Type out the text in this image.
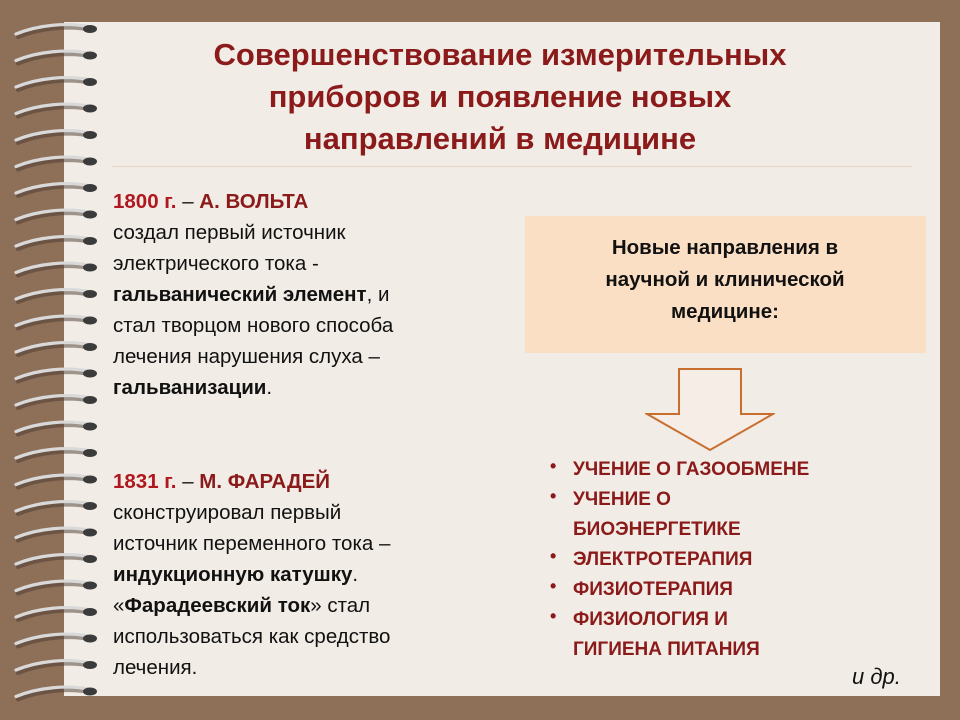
Совершенствование измерительных
приборов и появление новых
направлений в медицине
1800 г. – А. ВОЛЬТА
создал первый источник
электрического тока -
гальванический элемент, и
стал творцом нового способа
лечения нарушения слуха –
гальванизации.
1831 г. – М. ФАРАДЕЙ
сконструировал первый
источник переменного тока –
индукционную катушку.
«Фарадеевский ток» стал
использоваться как средство
лечения.
Новые направления в
научной и клинической
медицине:
• УЧЕНИЕ О ГАЗООБМЕНЕ
• УЧЕНИЕ О
БИОЭНЕРГЕТИКЕ
• ЭЛЕКТРОТЕРАПИЯ
• ФИЗИОТЕРАПИЯ
• ФИЗИОЛОГИЯ И
ГИГИЕНА ПИТАНИЯ
и др.
